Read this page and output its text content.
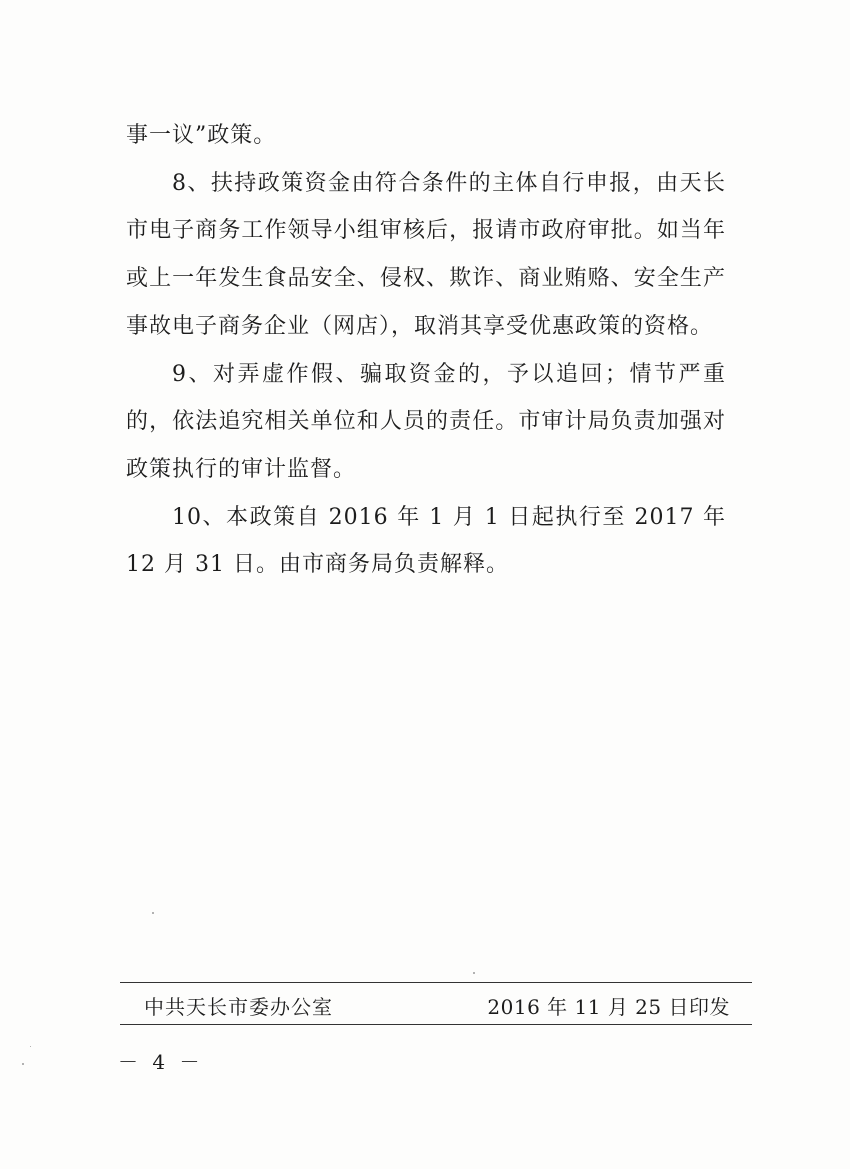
事一议”政策。

8、扶持政策资金由符合条件的主体自行申报，由天长市电子商务工作领导小组审核后，报请市政府审批。如当年或上一年发生食品安全、侵权、欺诈、商业贿赂、安全生产事故电子商务企业（网店），取消其享受优惠政策的资格。

9、对弄虚作假、骗取资金的，予以追回；情节严重的，依法追究相关单位和人员的责任。市审计局负责加强对政策执行的审计监督。

10、本政策自 2016 年 1 月 1 日起执行至 2017 年 12 月 31 日。由市商务局负责解释。

中共天长市委办公室	2016 年 11 月 25 日印发
－ 4 －
